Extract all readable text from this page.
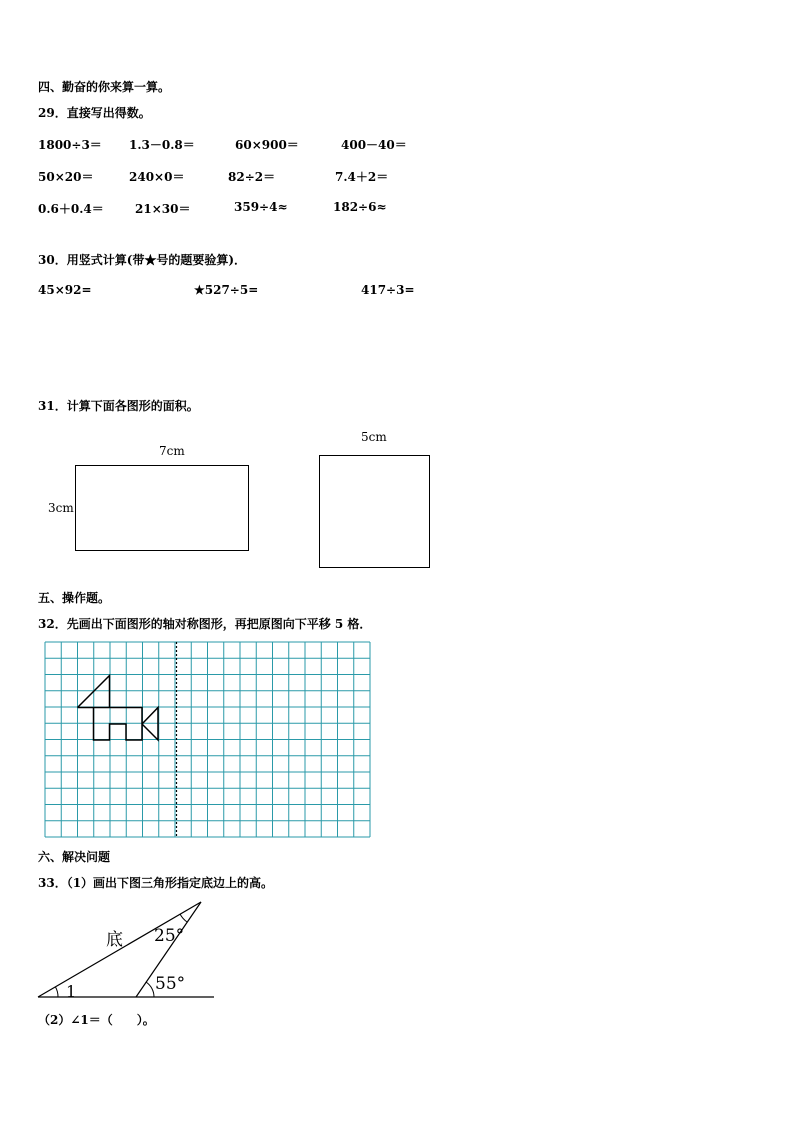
四、勤奋的你来算一算。
29．直接写出得数。
1800÷3＝ 1.3－0.8＝	60×900＝	400－40＝
50×20＝	240×0＝	82÷2＝	7.4＋2＝
0.6＋0.4＝	21×30＝	359÷4≈	182÷6≈
30．用竖式计算(带★号的题要验算)．
45×92=	★527÷5=	417÷3=
31．计算下面各图形的面积。
7cm
3cm
5cm
五、操作题。
32．先画出下面图形的轴对称图形，再把原图向下平移 5 格．
六、解决问题
33．（1）画出下图三角形指定底边上的高。
底 25°
55°
1
（2）∠1＝（　　）。
